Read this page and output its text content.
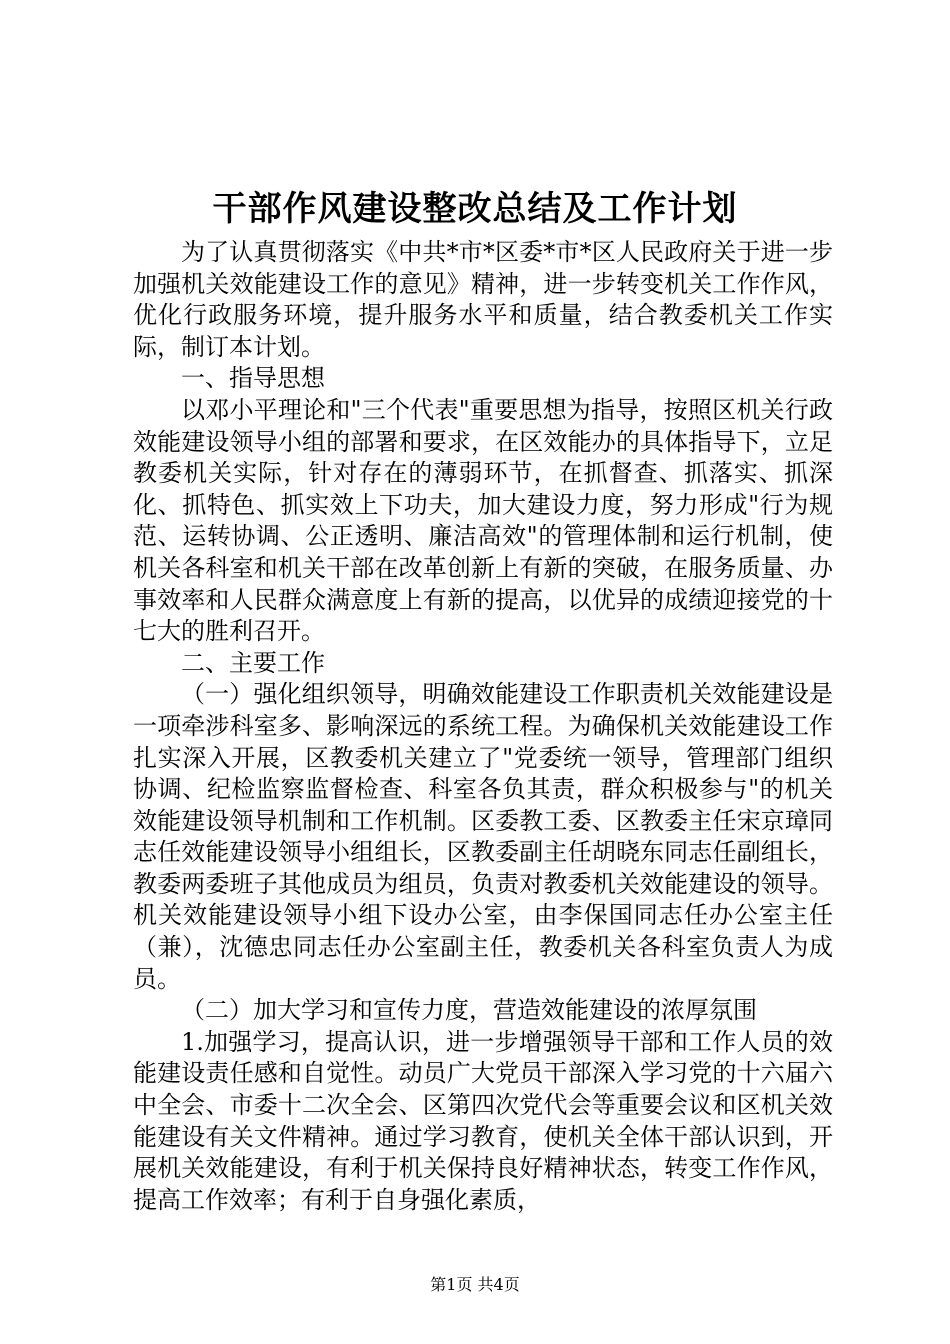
干部作风建设整改总结及工作计划

为了认真贯彻落实《中共*市*区委*市*区人民政府关于进一步加强机关效能建设工作的意见》精神，进一步转变机关工作作风，优化行政服务环境，提升服务水平和质量，结合教委机关工作实际，制订本计划。

一、指导思想

以邓小平理论和"三个代表"重要思想为指导，按照区机关行政效能建设领导小组的部署和要求，在区效能办的具体指导下，立足教委机关实际，针对存在的薄弱环节，在抓督查、抓落实、抓深化、抓特色、抓实效上下功夫，加大建设力度，努力形成"行为规范、运转协调、公正透明、廉洁高效"的管理体制和运行机制，使机关各科室和机关干部在改革创新上有新的突破，在服务质量、办事效率和人民群众满意度上有新的提高，以优异的成绩迎接党的十七大的胜利召开。

二、主要工作

（一）强化组织领导，明确效能建设工作职责机关效能建设是一项牵涉科室多、影响深远的系统工程。为确保机关效能建设工作扎实深入开展，区教委机关建立了"党委统一领导，管理部门组织协调、纪检监察监督检查、科室各负其责，群众积极参与"的机关效能建设领导机制和工作机制。区委教工委、区教委主任宋京璋同志任效能建设领导小组组长，区教委副主任胡晓东同志任副组长，教委两委班子其他成员为组员，负责对教委机关效能建设的领导。机关效能建设领导小组下设办公室，由李保国同志任办公室主任（兼），沈德忠同志任办公室副主任，教委机关各科室负责人为成员。

（二）加大学习和宣传力度，营造效能建设的浓厚氛围

1.加强学习，提高认识，进一步增强领导干部和工作人员的效能建设责任感和自觉性。动员广大党员干部深入学习党的十六届六中全会、市委十二次全会、区第四次党代会等重要会议和区机关效能建设有关文件精神。通过学习教育，使机关全体干部认识到，开展机关效能建设，有利于机关保持良好精神状态，转变工作作风，提高工作效率；有利于自身强化素质，

第1页 共4页
